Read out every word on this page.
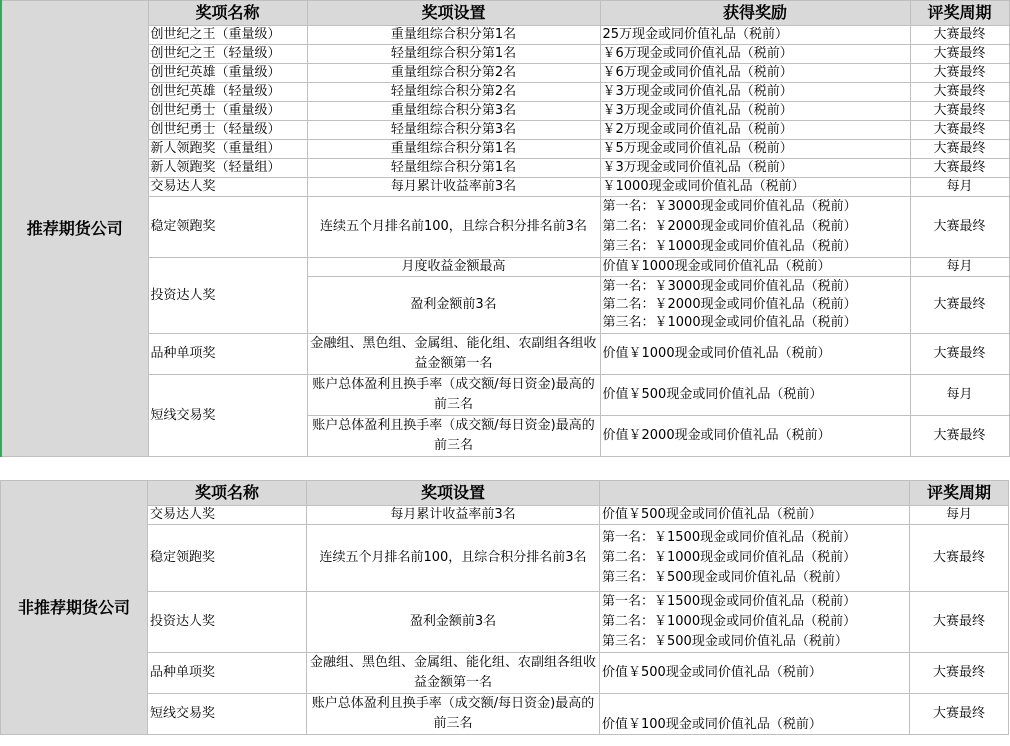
推荐期货公司	奖项名称	奖项设置	获得奖励	评奖周期
	创世纪之王（重量级）	重量组综合积分第1名	25万现金或同价值礼品（税前）	大赛最终
	创世纪之王（轻量级）	轻量组综合积分第1名	￥6万现金或同价值礼品（税前）	大赛最终
	创世纪英雄（重量级）	重量组综合积分第2名	￥6万现金或同价值礼品（税前）	大赛最终
	创世纪英雄（轻量级）	轻量组综合积分第2名	￥3万现金或同价值礼品（税前）	大赛最终
	创世纪勇士（重量级）	重量组综合积分第3名	￥3万现金或同价值礼品（税前）	大赛最终
	创世纪勇士（轻量级）	轻量组综合积分第3名	￥2万现金或同价值礼品（税前）	大赛最终
	新人领跑奖（重量组）	重量组综合积分第1名	￥5万现金或同价值礼品（税前）	大赛最终
	新人领跑奖（轻量组）	轻量组综合积分第1名	￥3万现金或同价值礼品（税前）	大赛最终
	交易达人奖	每月累计收益率前3名	￥1000现金或同价值礼品（税前）	每月
	稳定领跑奖	连续五个月排名前100，且综合积分排名前3名	第一名：￥3000现金或同价值礼品（税前）
第二名：￥2000现金或同价值礼品（税前）
第三名：￥1000现金或同价值礼品（税前）	大赛最终
	投资达人奖	月度收益金额最高	价值￥1000现金或同价值礼品（税前）	每月
		盈利金额前3名	第一名：￥3000现金或同价值礼品（税前）
第二名：￥2000现金或同价值礼品（税前）
第三名：￥1000现金或同价值礼品（税前）	大赛最终
	品种单项奖	金融组、黑色组、金属组、能化组、农副组各组收益金额第一名	价值￥1000现金或同价值礼品（税前）	大赛最终
	短线交易奖	账户总体盈利且换手率（成交额/每日资金)最高的前三名	价值￥500现金或同价值礼品（税前）	每月
		账户总体盈利且换手率（成交额/每日资金)最高的前三名	价值￥2000现金或同价值礼品（税前）	大赛最终
非推荐期货公司	奖项名称	奖项设置		评奖周期
	交易达人奖	每月累计收益率前3名	价值￥500现金或同价值礼品（税前）	每月
	稳定领跑奖	连续五个月排名前100，且综合积分排名前3名	第一名：￥1500现金或同价值礼品（税前）
第二名：￥1000现金或同价值礼品（税前）
第三名：￥500现金或同价值礼品（税前）	大赛最终
	投资达人奖	盈利金额前3名	第一名：￥1500现金或同价值礼品（税前）
第二名：￥1000现金或同价值礼品（税前）
第三名：￥500现金或同价值礼品（税前）	大赛最终
	品种单项奖	金融组、黑色组、金属组、能化组、农副组各组收益金额第一名	价值￥500现金或同价值礼品（税前）	大赛最终
	短线交易奖	账户总体盈利且换手率（成交额/每日资金)最高的前三名	价值￥100现金或同价值礼品（税前）	大赛最终
